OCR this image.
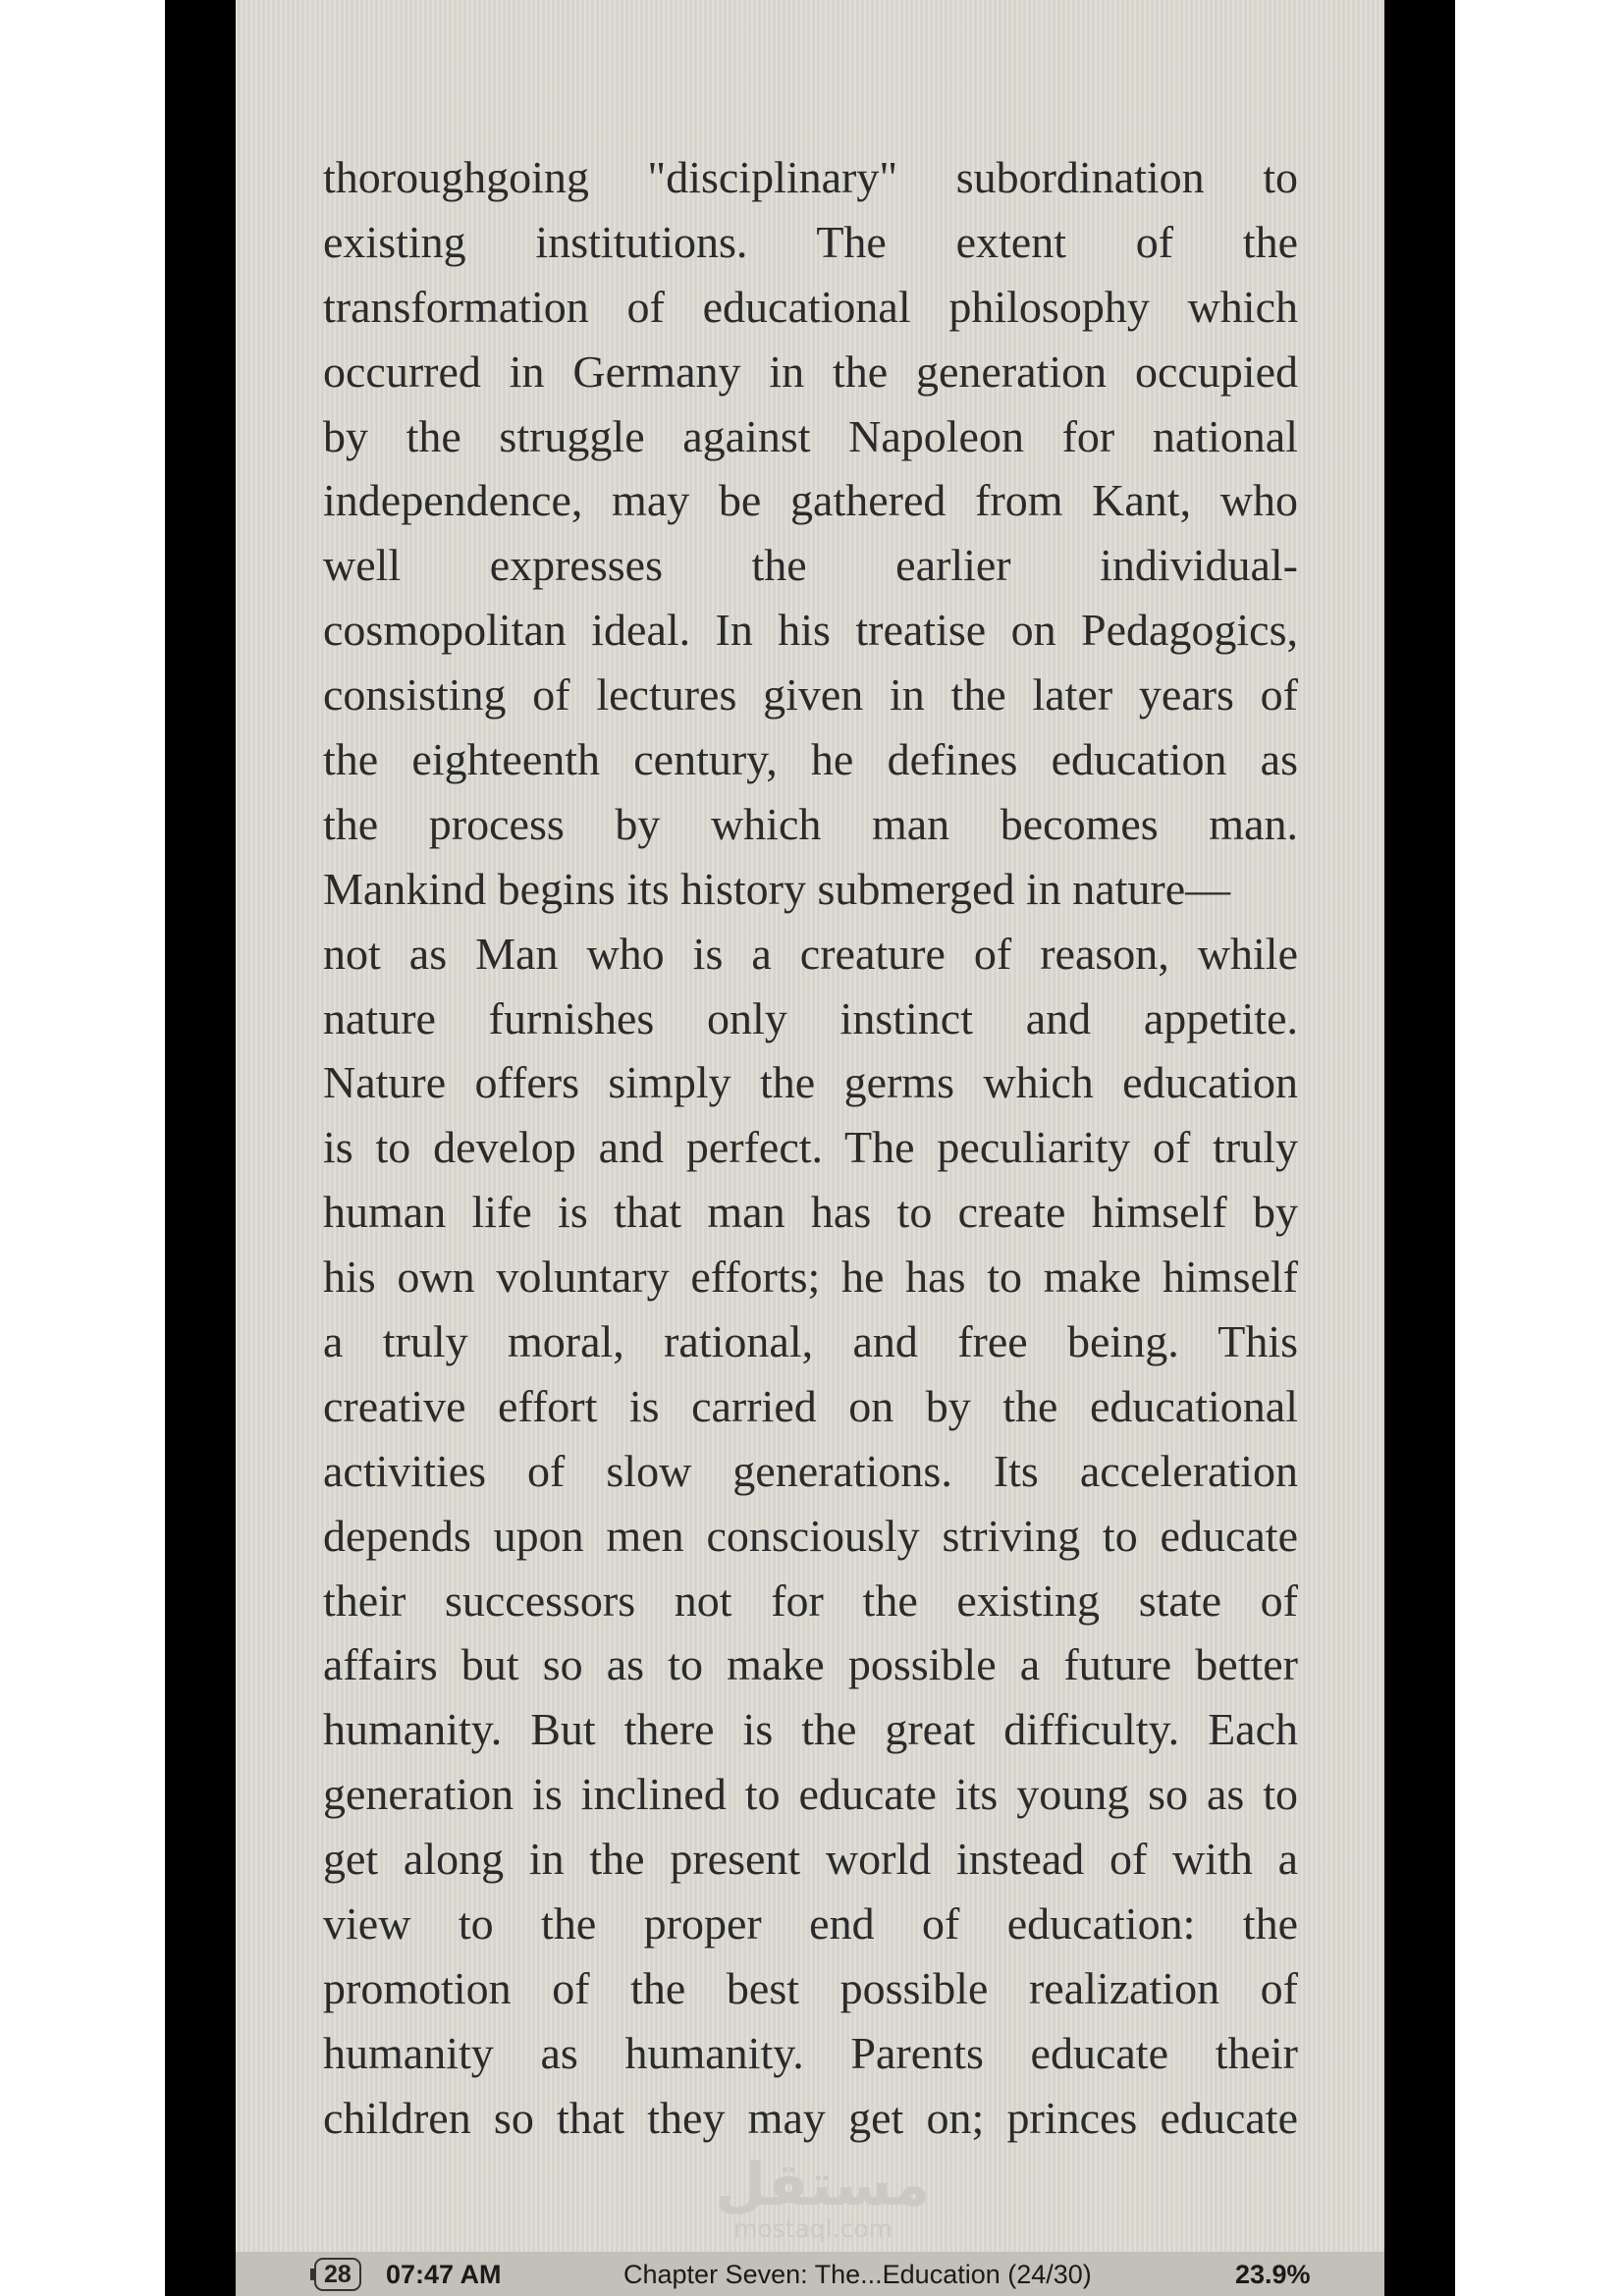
thoroughgoing "disciplinary" subordination to
existing institutions. The extent of the
transformation of educational philosophy which
occurred in Germany in the generation occupied
by the struggle against Napoleon for national
independence, may be gathered from Kant, who
well expresses the earlier individual-
cosmopolitan ideal. In his treatise on Pedagogics,
consisting of lectures given in the later years of
the eighteenth century, he defines education as
the process by which man becomes man.
Mankind begins its history submerged in nature—
not as Man who is a creature of reason, while
nature furnishes only instinct and appetite.
Nature offers simply the germs which education
is to develop and perfect. The peculiarity of truly
human life is that man has to create himself by
his own voluntary efforts; he has to make himself
a truly moral, rational, and free being. This
creative effort is carried on by the educational
activities of slow generations. Its acceleration
depends upon men consciously striving to educate
their successors not for the existing state of
affairs but so as to make possible a future better
humanity. But there is the great difficulty. Each
generation is inclined to educate its young so as to
get along in the present world instead of with a
view to the proper end of education: the
promotion of the best possible realization of
humanity as humanity. Parents educate their
children so that they may get on; princes educate
مستقل
mostaql.com
28	07:47 AM	Chapter Seven: The...Education (24/30)	23.9%
